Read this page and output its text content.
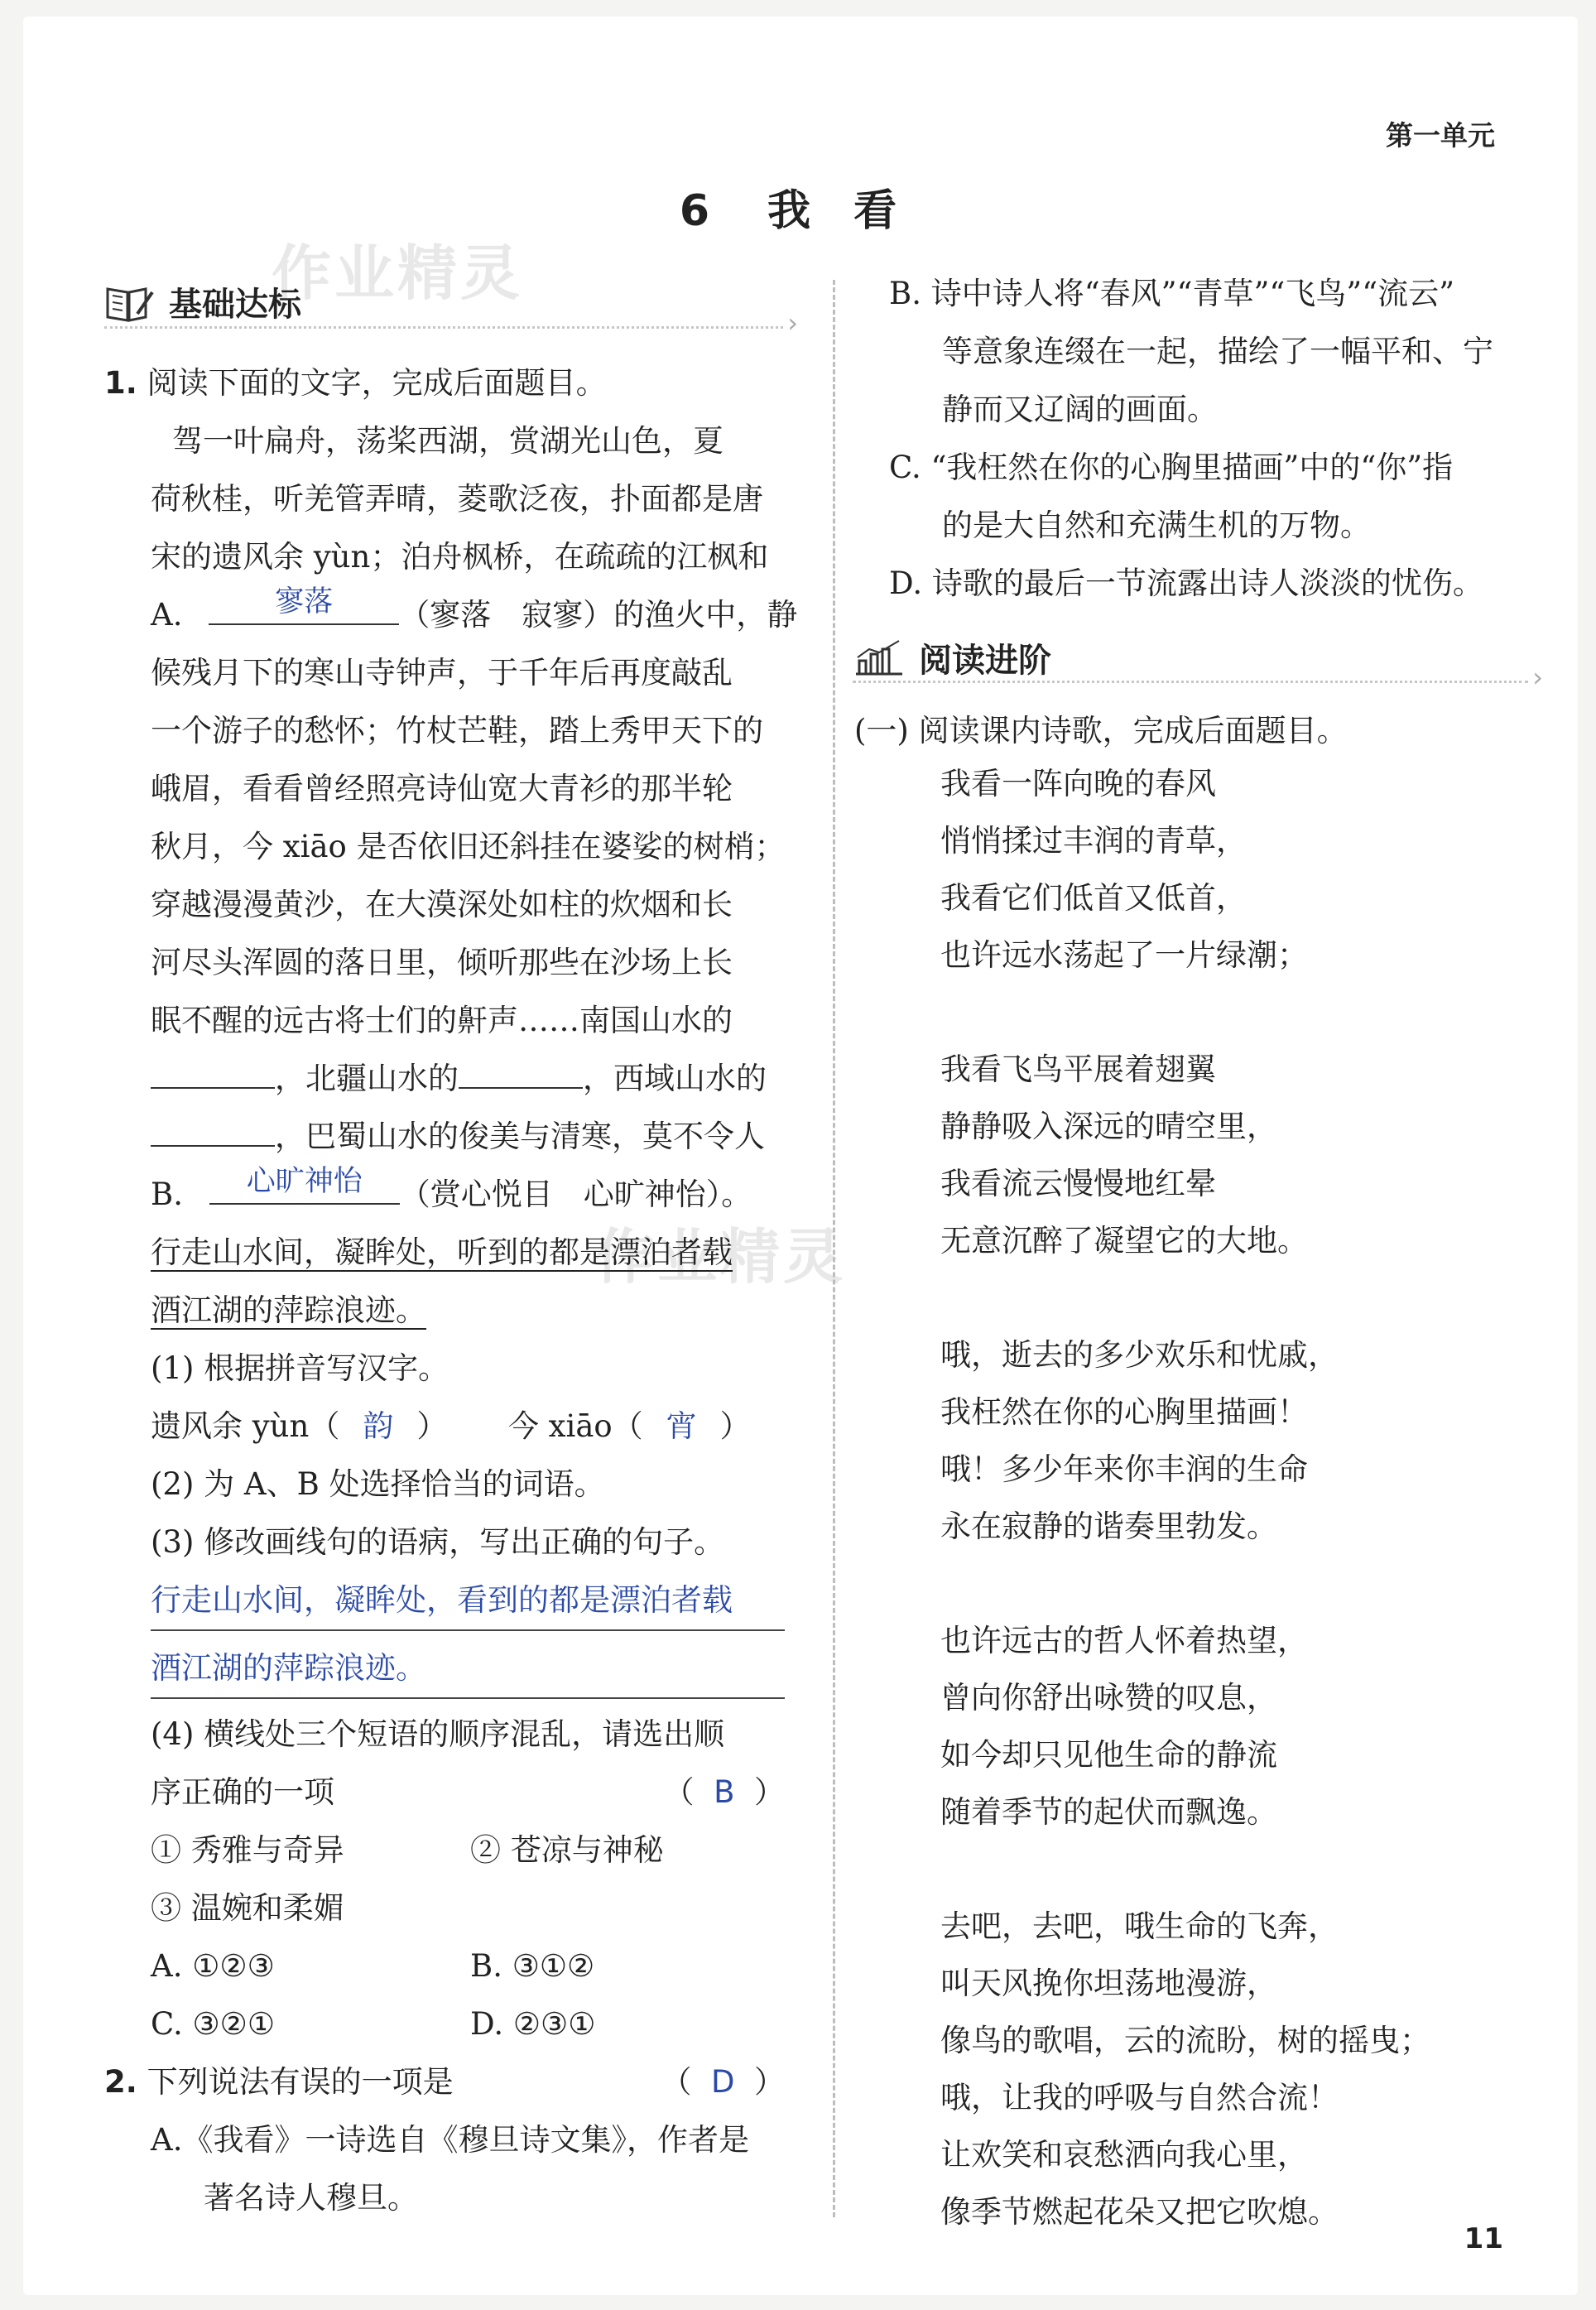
第一单元
6 我 看
作业精灵
作业精灵
基础达标
›
1. 阅读下面的文字，完成后面题目。
驾一叶扁舟，荡桨西湖，赏湖光山色，夏
荷秋桂，听羌管弄晴，菱歌泛夜，扑面都是唐
宋的遗风余 yùn；泊舟枫桥，在疏疏的江枫和
A.	寥落	（寥落　寂寥）的渔火中，静
候残月下的寒山寺钟声，于千年后再度敲乱
一个游子的愁怀；竹杖芒鞋，踏上秀甲天下的
峨眉，看看曾经照亮诗仙宽大青衫的那半轮
秋月，今 xiāo 是否依旧还斜挂在婆娑的树梢；
穿越漫漫黄沙，在大漠深处如柱的炊烟和长
河尽头浑圆的落日里，倾听那些在沙场上长
眠不醒的远古将士们的鼾声……南国山水的
，北疆山水的	，西域山水的
，巴蜀山水的俊美与清寒，莫不令人
B.	心旷神怡	（赏心悦目　心旷神怡）。
行走山水间，凝眸处，听到的都是漂泊者载
酒江湖的萍踪浪迹。
(1) 根据拼音写汉字。
遗风余 yùn（ 韵 ） 今 xiāo（ 宵 ）
(2) 为 A、B 处选择恰当的词语。
(3) 修改画线句的语病，写出正确的句子。
行走山水间，凝眸处，看到的都是漂泊者载
酒江湖的萍踪浪迹。
(4) 横线处三个短语的顺序混乱，请选出顺
序正确的一项	（  B  ）
① 秀雅与奇异	② 苍凉与神秘
③ 温婉和柔媚
A. ①②③	B. ③①②
C. ③②①	D. ②③①
2. 下列说法有误的一项是	（  D  ）
A.《我看》一诗选自《穆旦诗文集》，作者是
著名诗人穆旦。
B. 诗中诗人将“春风”“青草”“飞鸟”“流云”
等意象连缀在一起，描绘了一幅平和、宁
静而又辽阔的画面。
C. “我枉然在你的心胸里描画”中的“你”指
的是大自然和充满生机的万物。
D. 诗歌的最后一节流露出诗人淡淡的忧伤。
阅读进阶
›
(一) 阅读课内诗歌，完成后面题目。
我看一阵向晚的春风
悄悄揉过丰润的青草，
我看它们低首又低首，
也许远水荡起了一片绿潮；
我看飞鸟平展着翅翼
静静吸入深远的晴空里，
我看流云慢慢地红晕
无意沉醉了凝望它的大地。
哦，逝去的多少欢乐和忧戚，
我枉然在你的心胸里描画！
哦！多少年来你丰润的生命
永在寂静的谐奏里勃发。
也许远古的哲人怀着热望，
曾向你舒出咏赞的叹息，
如今却只见他生命的静流
随着季节的起伏而飘逸。
去吧，去吧，哦生命的飞奔，
叫天风挽你坦荡地漫游，
像鸟的歌唱，云的流盼，树的摇曳；
哦，让我的呼吸与自然合流！
让欢笑和哀愁洒向我心里，
像季节燃起花朵又把它吹熄。
11
